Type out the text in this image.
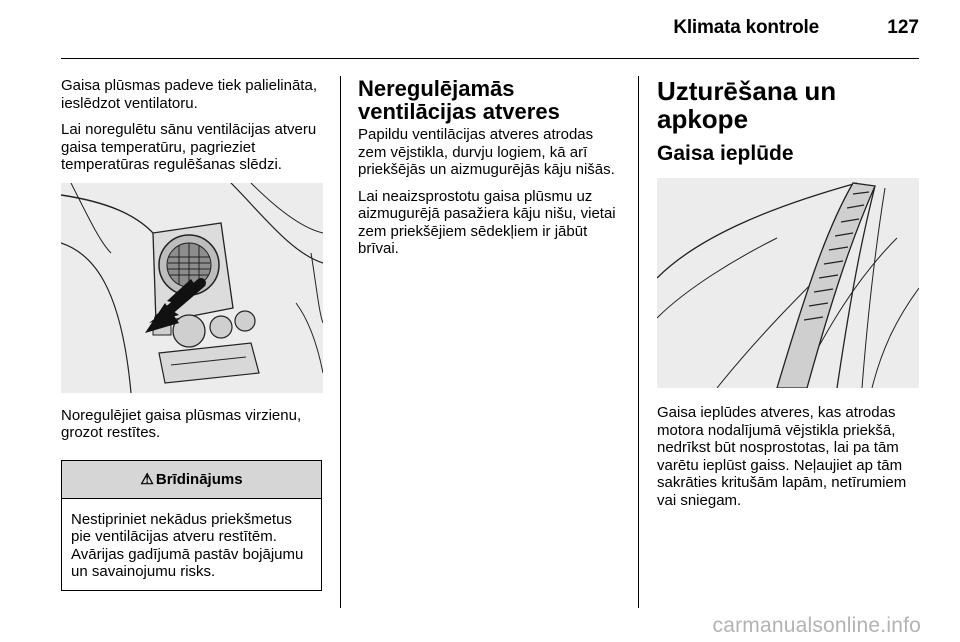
Klimata kontrole	127

Gaisa plūsmas padeve tiek palielināta, ieslēdzot ventilatoru.

Lai noregulētu sānu ventilācijas atveru gaisa temperatūru, pagrieziet temperatūras regulēšanas slēdzi.

Noregulējiet gaisa plūsmas virzienu, grozot restītes.

⚠ Brīdinājums

Nestipriniet nekādus priekšmetus pie ventilācijas atveru restītēm. Avārijas gadījumā pastāv bojājumu un savainojumu risks.

Neregulējamās ventilācijas atveres

Papildu ventilācijas atveres atrodas zem vējstikla, durvju logiem, kā arī priekšējās un aizmugurējās kāju nišās.

Lai neaizsprostotu gaisa plūsmu uz aizmugurējā pasažiera kāju nišu, vietai zem priekšējiem sēdekļiem ir jābūt brīvai.

Uzturēšana un apkope
Gaisa ieplūde

Gaisa ieplūdes atveres, kas atrodas motora nodalījumā vējstikla priekšā, nedrīkst būt nosprostotas, lai pa tām varētu ieplūst gaiss. Neļaujiet ap tām sakrāties kritušām lapām, netīrumiem vai sniegam.

carmanualsonline.info
